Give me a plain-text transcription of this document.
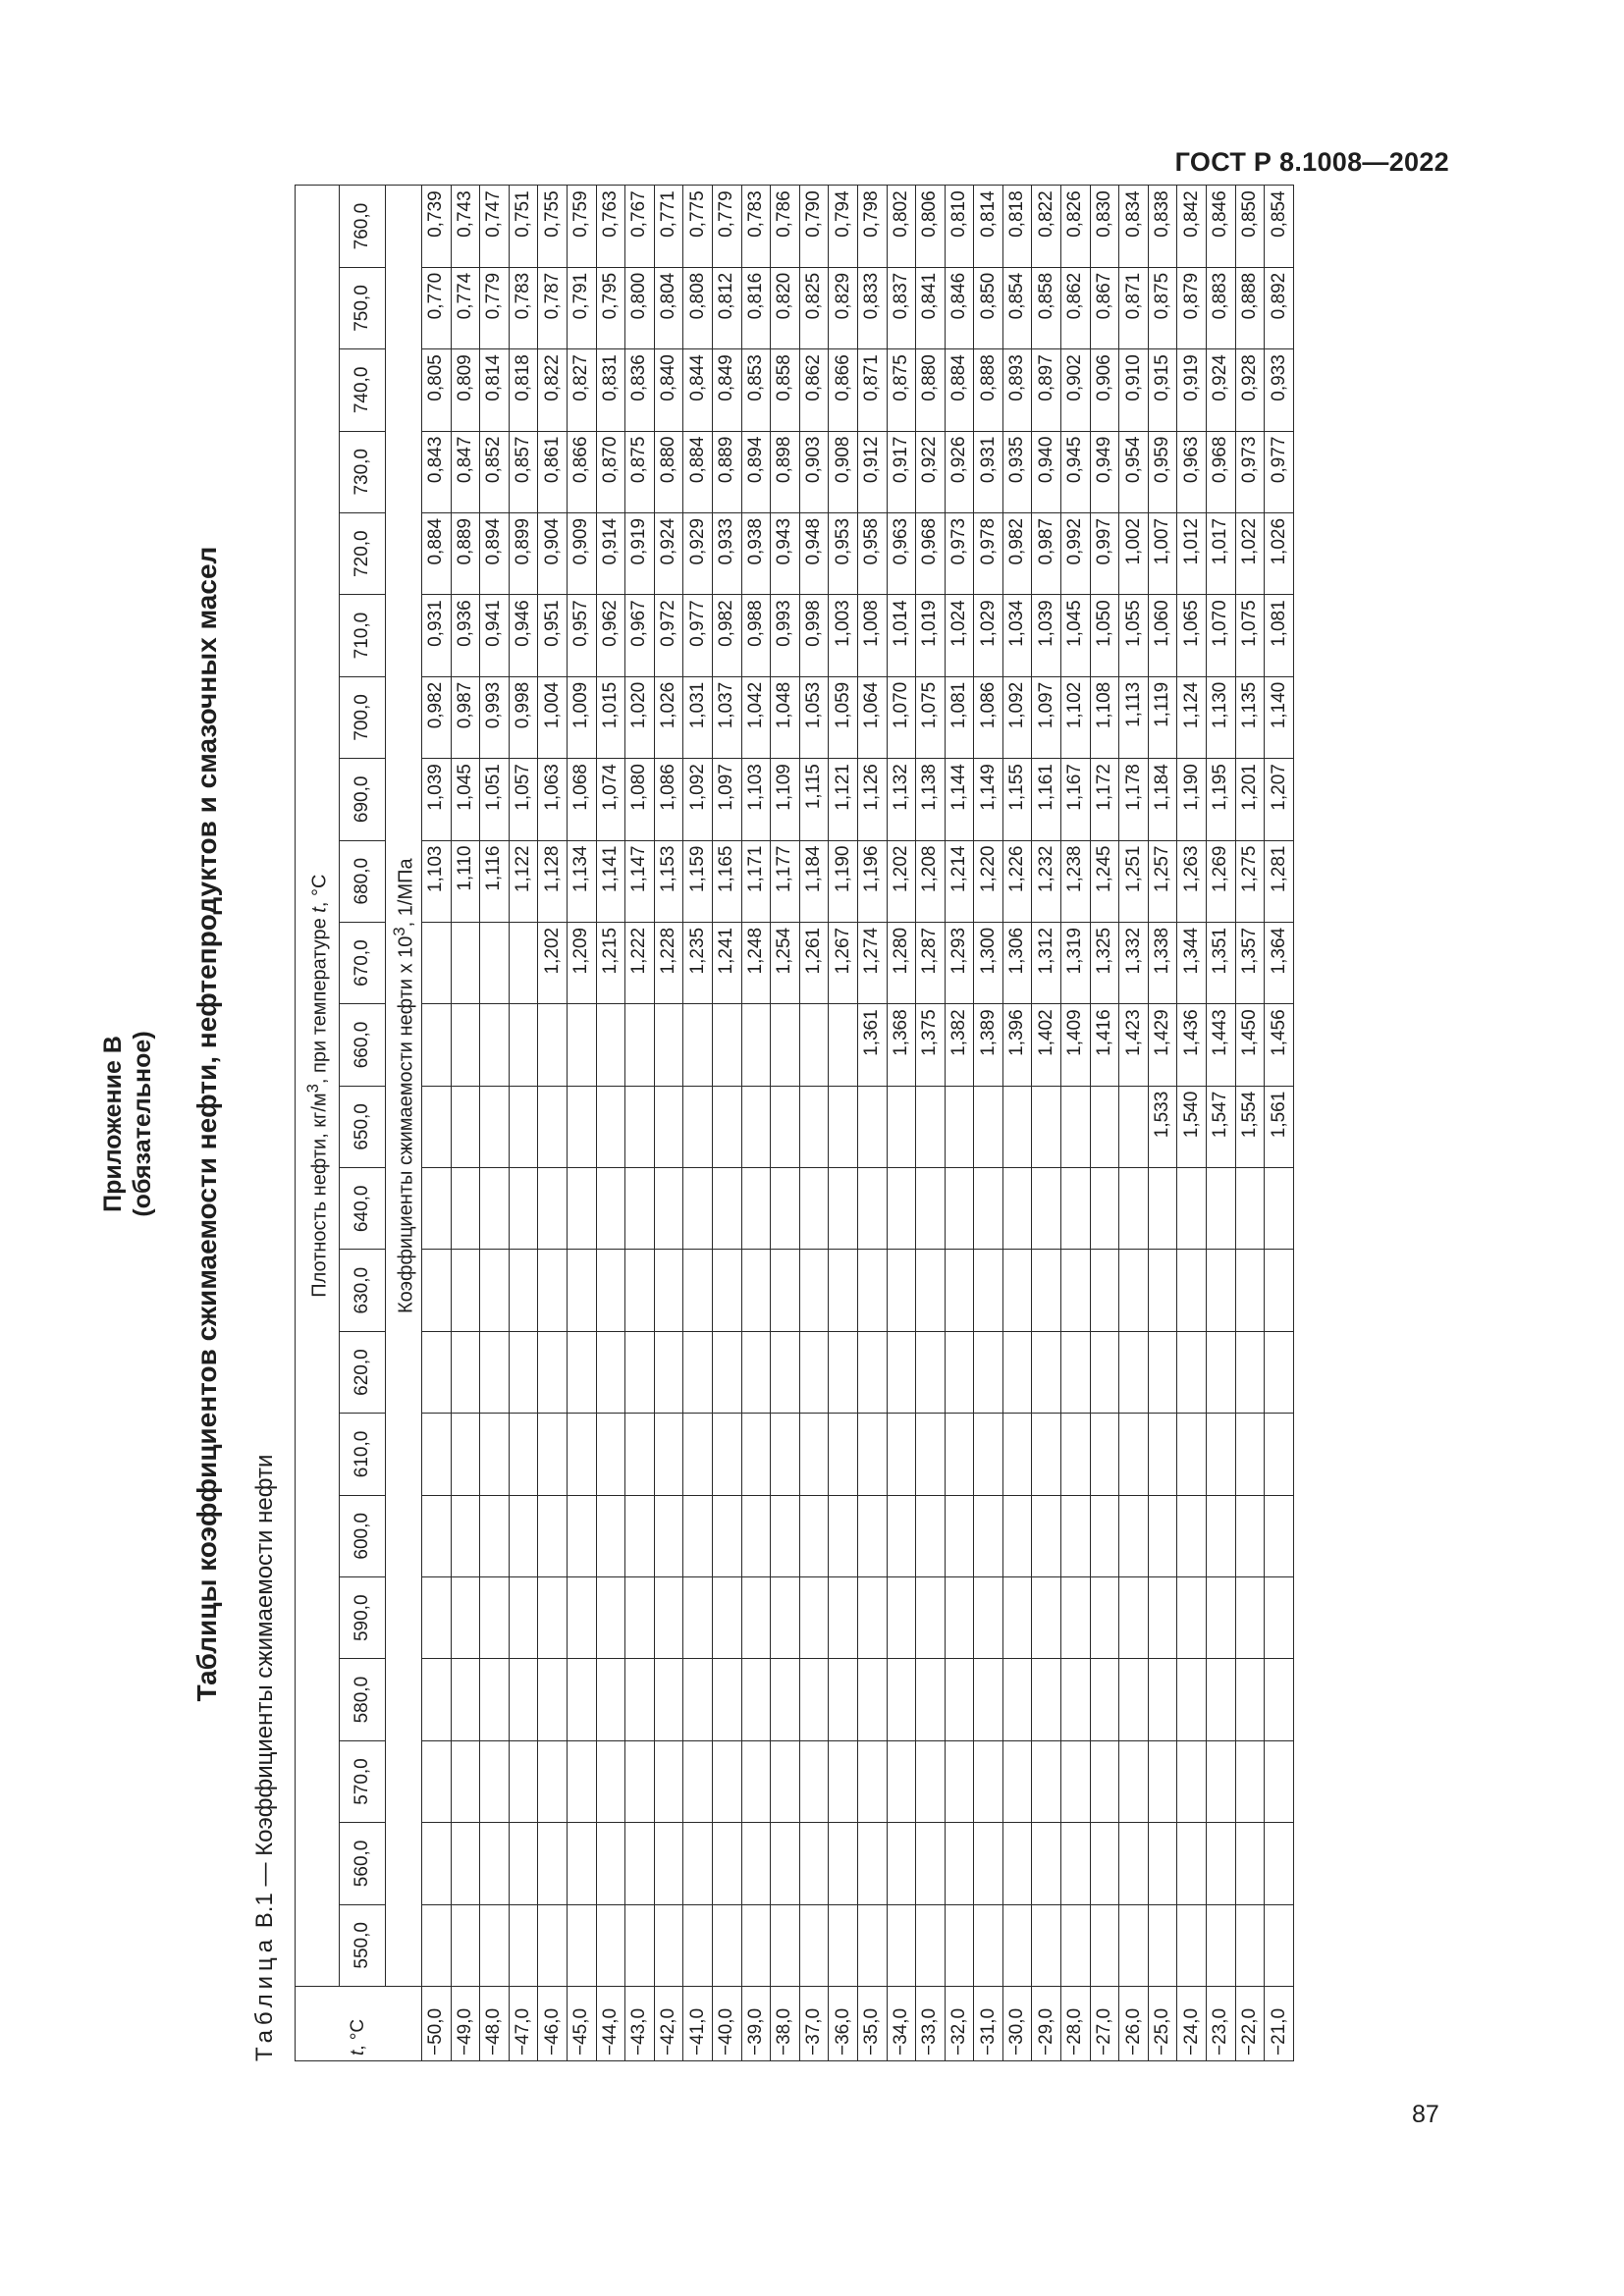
ГОСТ Р 8.1008—2022
Приложение В (обязательное) Таблицы коэффициентов сжимаемости нефти, нефтепродуктов и смазочных масел
Таблица В.1 — Коэффициенты сжимаемости нефти
t, °С	Плотность нефти, $кг/м^3$, при температуре t, °С																					
	550,0	560,0	570,0	580,0	590,0	600,0	610,0	620,0	630,0	640,0	650,0	660,0	670,0	680,0	690,0	700,0	710,0	720,0	730,0	740,0	750,0	760,0
	Коэффициенты сжимаемости нефти x $10^3$, 1/МПа																					
−50,0														1,103	1,039	0,982	0,931	0,884	0,843	0,805	0,770	0,739
−49,0														1,110	1,045	0,987	0,936	0,889	0,847	0,809	0,774	0,743
−48,0														1,116	1,051	0,993	0,941	0,894	0,852	0,814	0,779	0,747
−47,0														1,122	1,057	0,998	0,946	0,899	0,857	0,818	0,783	0,751
−46,0													1,202	1,128	1,063	1,004	0,951	0,904	0,861	0,822	0,787	0,755
−45,0													1,209	1,134	1,068	1,009	0,957	0,909	0,866	0,827	0,791	0,759
−44,0													1,215	1,141	1,074	1,015	0,962	0,914	0,870	0,831	0,795	0,763
−43,0													1,222	1,147	1,080	1,020	0,967	0,919	0,875	0,836	0,800	0,767
−42,0													1,228	1,153	1,086	1,026	0,972	0,924	0,880	0,840	0,804	0,771
−41,0													1,235	1,159	1,092	1,031	0,977	0,929	0,884	0,844	0,808	0,775
−40,0													1,241	1,165	1,097	1,037	0,982	0,933	0,889	0,849	0,812	0,779
−39,0													1,248	1,171	1,103	1,042	0,988	0,938	0,894	0,853	0,816	0,783
−38,0													1,254	1,177	1,109	1,048	0,993	0,943	0,898	0,858	0,820	0,786
−37,0													1,261	1,184	1,115	1,053	0,998	0,948	0,903	0,862	0,825	0,790
−36,0													1,267	1,190	1,121	1,059	1,003	0,953	0,908	0,866	0,829	0,794
−35,0												1,361	1,274	1,196	1,126	1,064	1,008	0,958	0,912	0,871	0,833	0,798
−34,0												1,368	1,280	1,202	1,132	1,070	1,014	0,963	0,917	0,875	0,837	0,802
−33,0												1,375	1,287	1,208	1,138	1,075	1,019	0,968	0,922	0,880	0,841	0,806
−32,0												1,382	1,293	1,214	1,144	1,081	1,024	0,973	0,926	0,884	0,846	0,810
−31,0												1,389	1,300	1,220	1,149	1,086	1,029	0,978	0,931	0,888	0,850	0,814
−30,0												1,396	1,306	1,226	1,155	1,092	1,034	0,982	0,935	0,893	0,854	0,818
−29,0												1,402	1,312	1,232	1,161	1,097	1,039	0,987	0,940	0,897	0,858	0,822
−28,0												1,409	1,319	1,238	1,167	1,102	1,045	0,992	0,945	0,902	0,862	0,826
−27,0												1,416	1,325	1,245	1,172	1,108	1,050	0,997	0,949	0,906	0,867	0,830
−26,0												1,423	1,332	1,251	1,178	1,113	1,055	1,002	0,954	0,910	0,871	0,834
−25,0											1,533	1,429	1,338	1,257	1,184	1,119	1,060	1,007	0,959	0,915	0,875	0,838
−24,0											1,540	1,436	1,344	1,263	1,190	1,124	1,065	1,012	0,963	0,919	0,879	0,842
−23,0											1,547	1,443	1,351	1,269	1,195	1,130	1,070	1,017	0,968	0,924	0,883	0,846
−22,0											1,554	1,450	1,357	1,275	1,201	1,135	1,075	1,022	0,973	0,928	0,888	0,850
−21,0											1,561	1,456	1,364	1,281	1,207	1,140	1,081	1,026	0,977	0,933	0,892	0,854
87
